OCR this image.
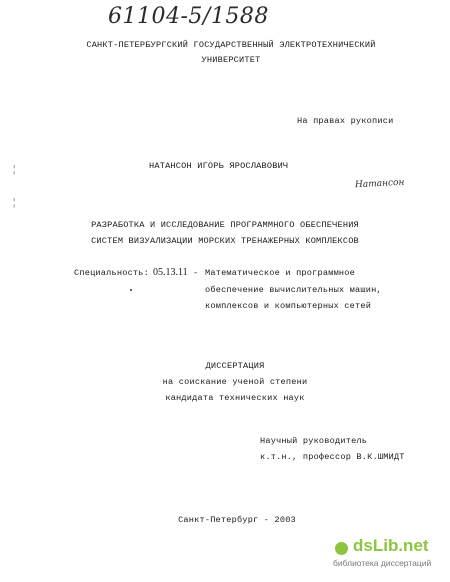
61104-5/1588
САНКТ-ПЕТЕРБУРГСКИЙ ГОСУДАРСТВЕННЫЙ ЭЛЕКТРОТЕХНИЧЕСКИЙ
УНИВЕРСИТЕТ
На правах рукописи
¦
¦
НАТАНСОН ИГОРЬ ЯРОСЛАВОВИЧ
Натансон
РАЗРАБОТКА И ИССЛЕДОВАНИЕ ПРОГРАММНОГО ОБЕСПЕЧЕНИЯ
СИСТЕМ ВИЗУАЛИЗАЦИИ МОРСКИХ ТРЕНАЖЕРНЫХ КОМПЛЕКСОВ
Специальность: 05.13.11 - Математическое и программное
обеспечение вычислительных машин,
комплексов и компьютерных сетей
ДИССЕРТАЦИЯ
на соискание ученой степени
кандидата технических наук
Научный руководитель
к.т.н., профессор В.К.ШМИДТ
Санкт-Петербург - 2003
dsLib.net
библиотека диссертаций
